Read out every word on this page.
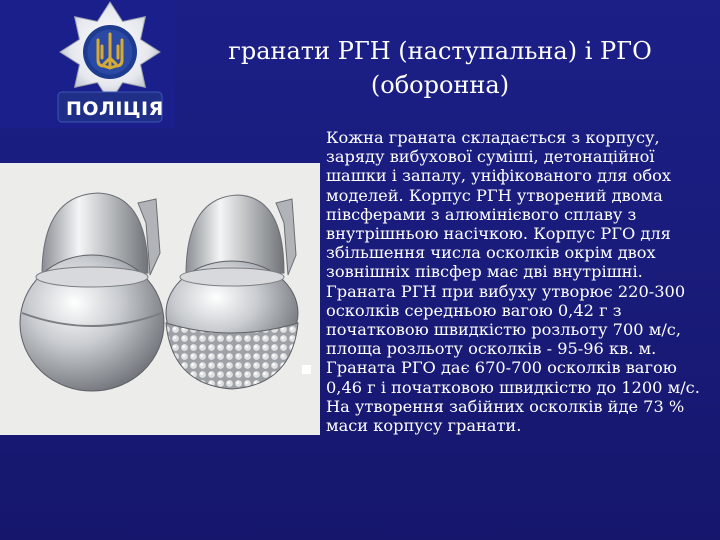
ПОЛІЦІЯ
гранати РГН (наступальна) і РГО
(оборонна)
Кожна граната складається з корпусу, заряду вибухової суміші, детонаційної шашки і запалу, уніфікованого для обох моделей. Корпус РГН утворений двома півсферами з алюмінієвого сплаву з внутрішньою насічкою. Корпус РГО для збільшення числа осколків окрім двох зовнішніх півсфер має дві внутрішні.
Граната РГН при вибуху утворює 220-300 осколків середньою вагою 0,42 г з початковою швидкістю розльоту 700 м/с, площа розльоту осколків - 95-96 кв. м.
Граната РГО дає 670-700 осколків вагою 0,46 г і початковою швидкістю до 1200 м/с. На утворення забійних осколків йде 73 % маси корпусу гранати.
